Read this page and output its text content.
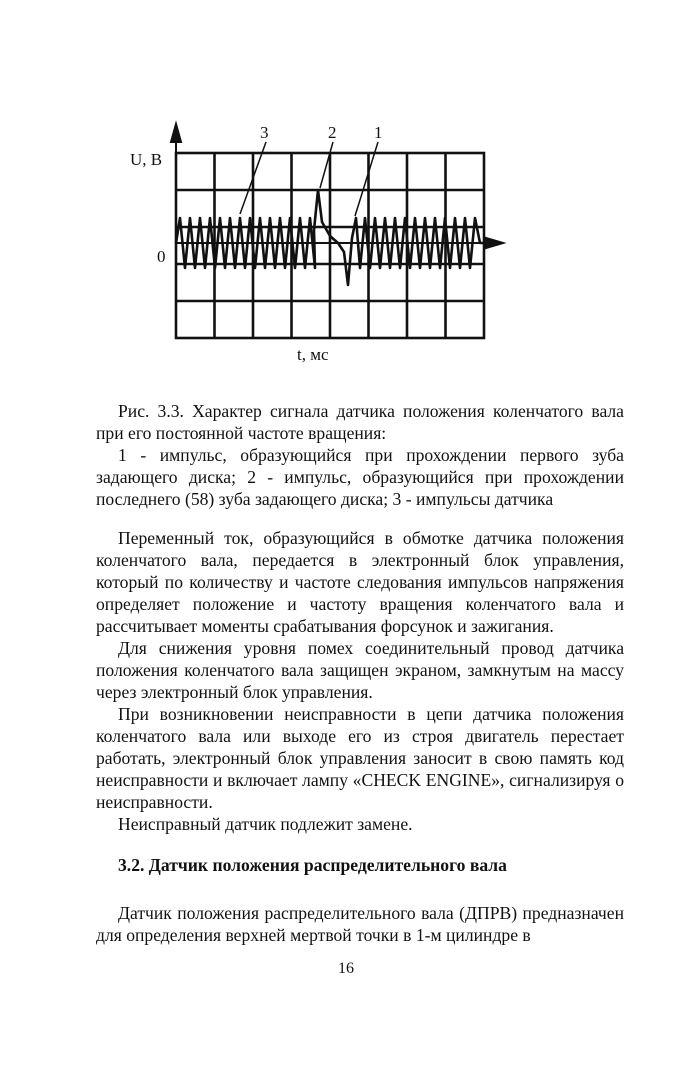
U, В
0
t, мс
3	2 1

Рис. 3.3. Характер сигнала датчика положения коленчатого вала при его постоянной частоте вращения:

1 - импульс, образующийся при прохождении первого зуба задающего диска; 2 - импульс, образующийся при прохождении последнего (58) зуба задающего диска; 3 - импульсы датчика

Переменный ток, образующийся в обмотке датчика положения коленчатого вала, передается в электронный блок управления, который по количеству и частоте следования импульсов напряжения определяет положение и частоту вращения коленчатого вала и рассчитывает моменты срабатывания форсунок и зажигания.

Для снижения уровня помех соединительный провод датчика положения коленчатого вала защищен экраном, замкнутым на массу через электронный блок управления.

При возникновении неисправности в цепи датчика положения коленчатого вала или выходе его из строя двигатель перестает работать, электронный блок управления заносит в свою память код неисправности и включает лампу «CHECK ENGINE», сигнализируя о неисправности.

Неисправный датчик подлежит замене.

3.2. Датчик положения распределительного вала

Датчик положения распределительного вала (ДПРВ) предназначен для определения верхней мертвой точки в 1-м цилиндре в

16
